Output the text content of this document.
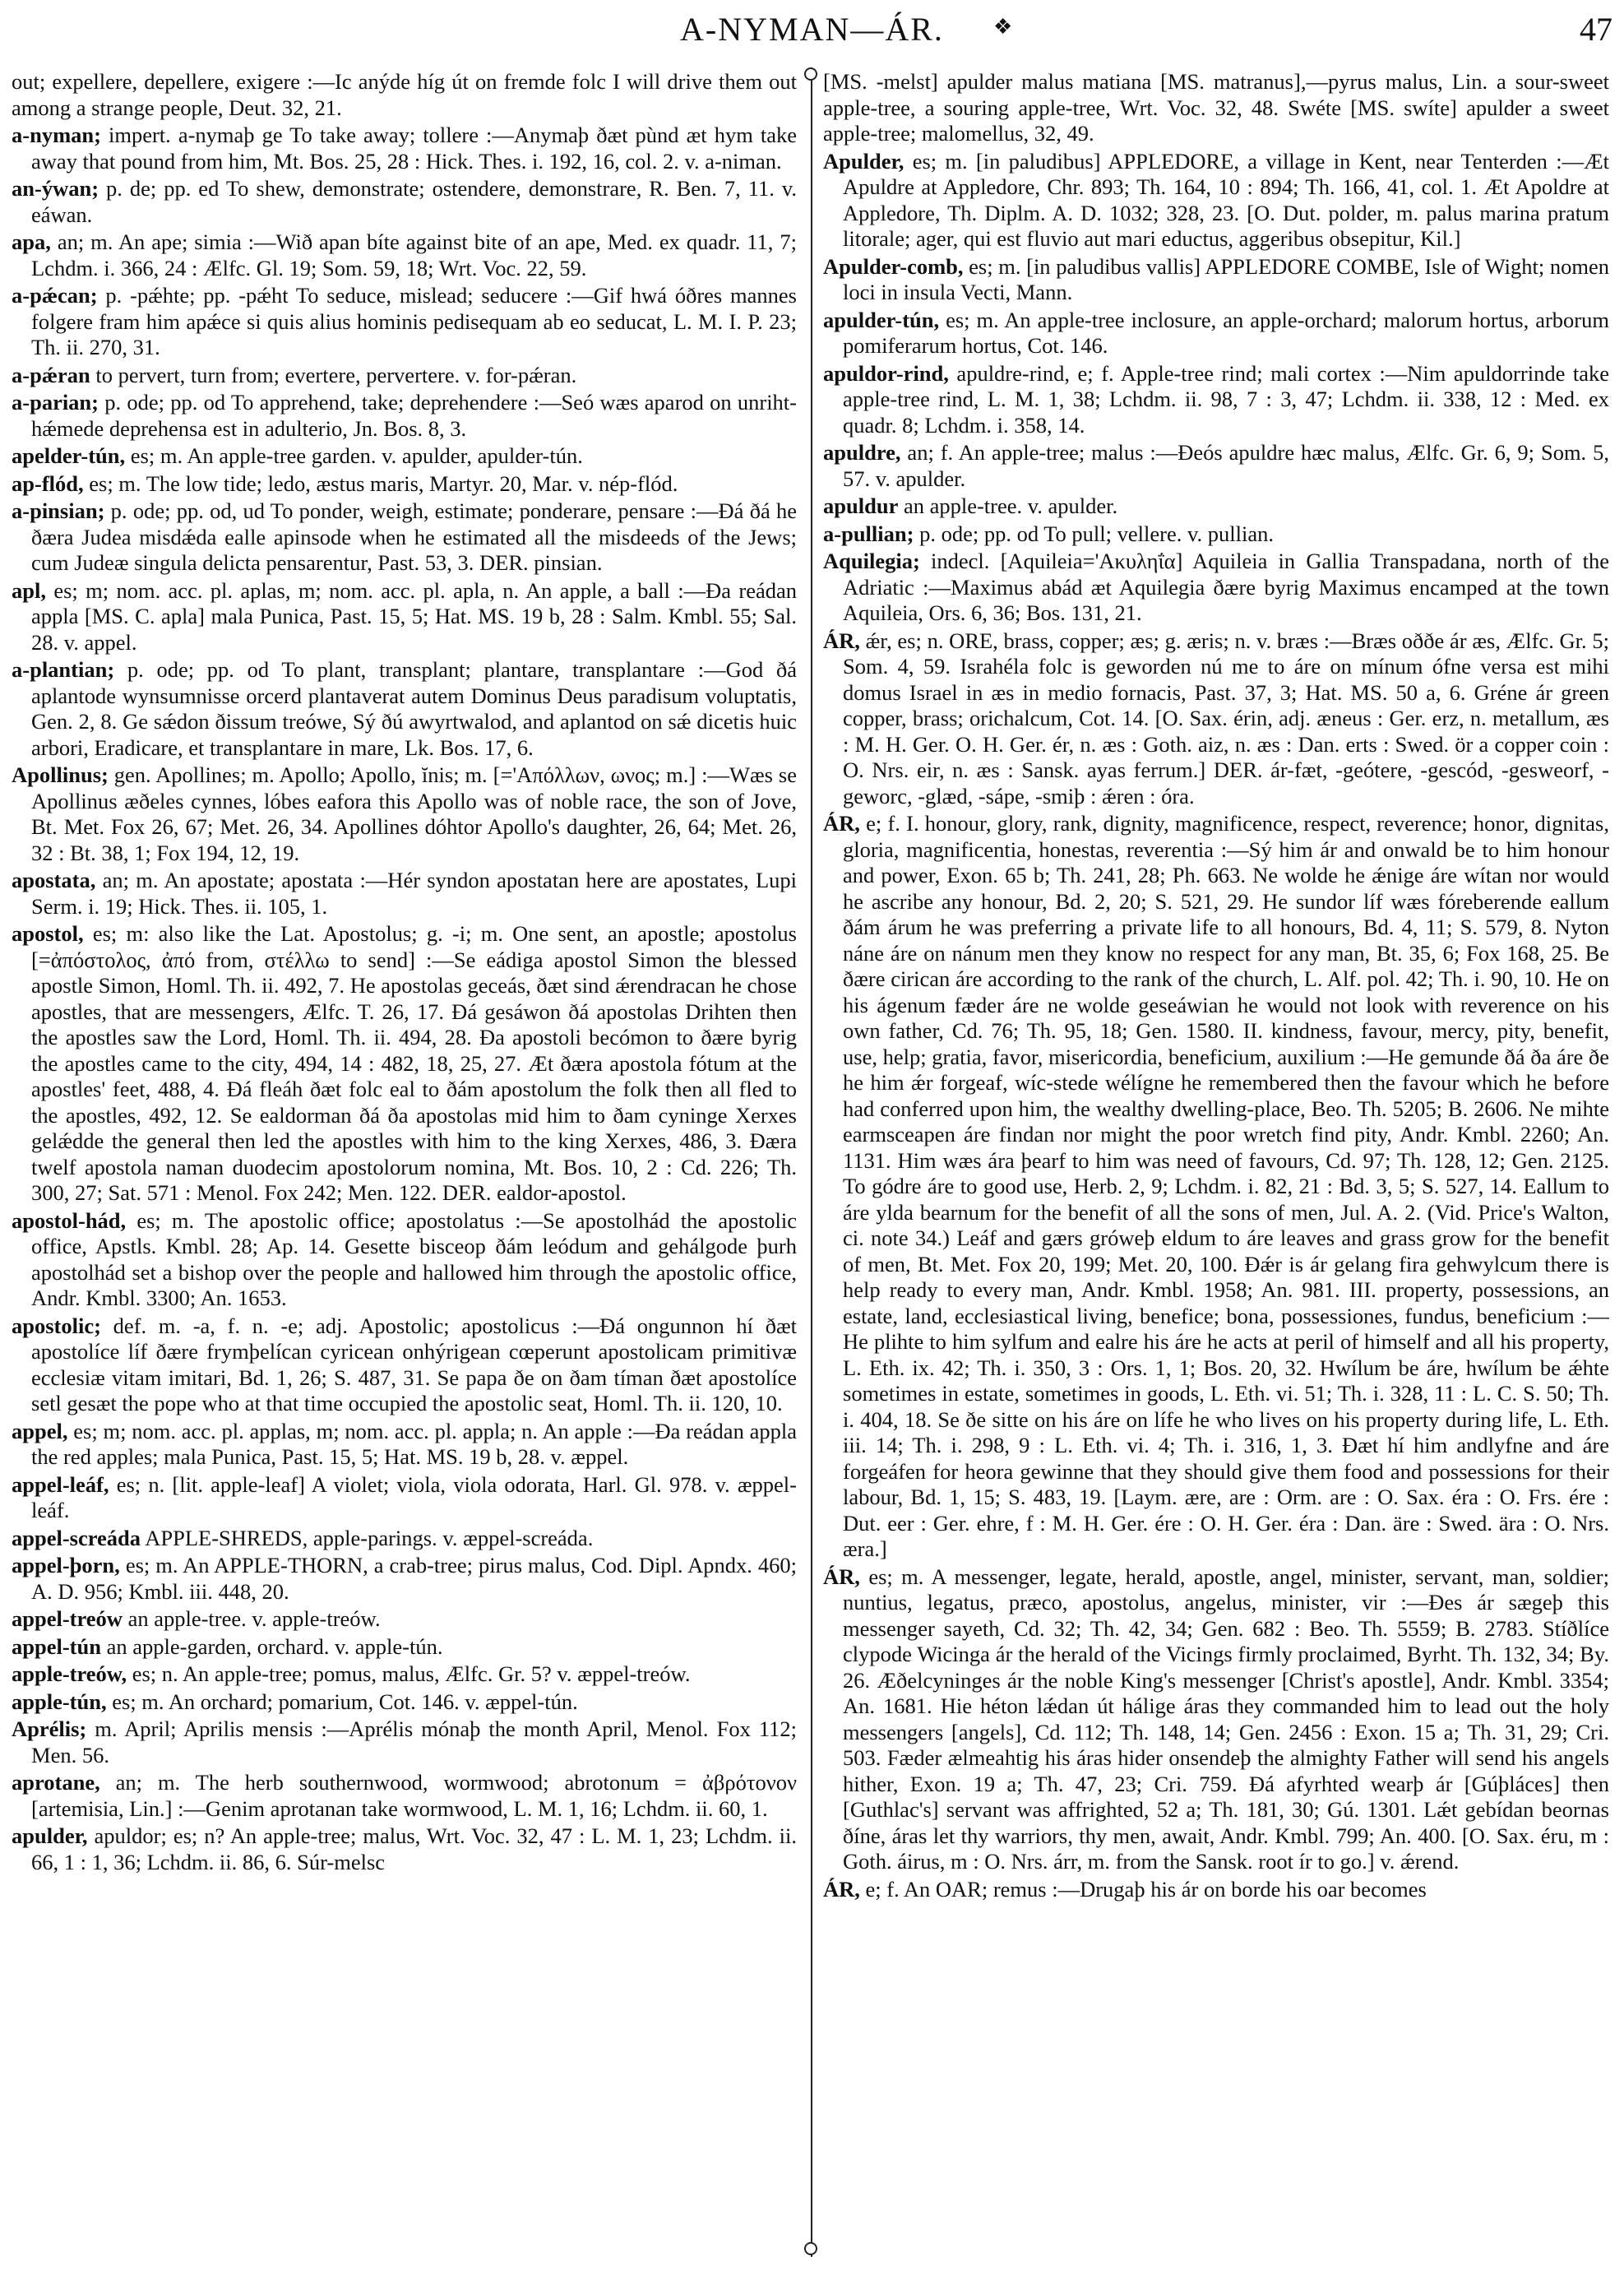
A-NYMAN—ÁR.	❖	47

out; expellere, depellere, exigere :—Ic anýde híg út on fremde folc I will drive them out among a strange people, Deut. 32, 21.

a-nyman; impert. a-nymaþ ge To take away; tollere :—Anymaþ ðæt pùnd æt hym take away that pound from him, Mt. Bos. 25, 28 : Hick. Thes. i. 192, 16, col. 2. v. a-niman.

an-ýwan; p. de; pp. ed To shew, demonstrate; ostendere, demonstrare, R. Ben. 7, 11. v. eáwan.

apa, an; m. An ape; simia :—Wið apan bíte against bite of an ape, Med. ex quadr. 11, 7; Lchdm. i. 366, 24 : Ælfc. Gl. 19; Som. 59, 18; Wrt. Voc. 22, 59.

a-pǽcan; p. -pǽhte; pp. -pǽht To seduce, mislead; seducere :—Gif hwá óðres mannes folgere fram him apǽce si quis alius hominis pedisequam ab eo seducat, L. M. I. P. 23; Th. ii. 270, 31.

a-pǽran to pervert, turn from; evertere, pervertere. v. for-pǽran.

a-parian; p. ode; pp. od To apprehend, take; deprehendere :—Seó wæs aparod on unriht-hǽmede deprehensa est in adulterio, Jn. Bos. 8, 3.

apelder-tún, es; m. An apple-tree garden. v. apulder, apulder-tún.

ap-flód, es; m. The low tide; ledo, æstus maris, Martyr. 20, Mar. v. nép-flód.

a-pinsian; p. ode; pp. od, ud To ponder, weigh, estimate; ponderare, pensare :—Ðá ðá he ðæra Judea misdǽda ealle apinsode when he estimated all the misdeeds of the Jews; cum Judeæ singula delicta pensarentur, Past. 53, 3. DER. pinsian.

apl, es; m; nom. acc. pl. aplas, m; nom. acc. pl. apla, n. An apple, a ball :—Ða reádan appla [MS. C. apla] mala Punica, Past. 15, 5; Hat. MS. 19 b, 28 : Salm. Kmbl. 55; Sal. 28. v. appel.

a-plantian; p. ode; pp. od To plant, transplant; plantare, transplantare :—God ðá aplantode wynsumnisse orcerd plantaverat autem Dominus Deus paradisum voluptatis, Gen. 2, 8. Ge sǽdon ðissum treówe, Sý ðú awyrtwalod, and aplantod on sǽ dicetis huic arbori, Eradicare, et transplantare in mare, Lk. Bos. 17, 6.

Apollinus; gen. Apollines; m. Apollo; Apollo, ĭnis; m. [='Απόλλων, ωνος; m.] :—Wæs se Apollinus æðeles cynnes, lóbes eafora this Apollo was of noble race, the son of Jove, Bt. Met. Fox 26, 67; Met. 26, 34. Apollines dóhtor Apollo's daughter, 26, 64; Met. 26, 32 : Bt. 38, 1; Fox 194, 12, 19.

apostata, an; m. An apostate; apostata :—Hér syndon apostatan here are apostates, Lupi Serm. i. 19; Hick. Thes. ii. 105, 1.

apostol, es; m: also like the Lat. Apostolus; g. -i; m. One sent, an apostle; apostolus [=ἀπόστολος, ἀπό from, στέλλω to send] :—Se eádiga apostol Simon the blessed apostle Simon, Homl. Th. ii. 492, 7. He apostolas geceás, ðæt sind ǽrendracan he chose apostles, that are messengers, Ælfc. T. 26, 17. Ðá gesáwon ðá apostolas Drihten then the apostles saw the Lord, Homl. Th. ii. 494, 28. Ða apostoli becómon to ðære byrig the apostles came to the city, 494, 14 : 482, 18, 25, 27. Æt ðæra apostola fótum at the apostles' feet, 488, 4. Ðá fleáh ðæt folc eal to ðám apostolum the folk then all fled to the apostles, 492, 12. Se ealdorman ðá ða apostolas mid him to ðam cyninge Xerxes gelǽdde the general then led the apostles with him to the king Xerxes, 486, 3. Ðæra twelf apostola naman duodecim apostolorum nomina, Mt. Bos. 10, 2 : Cd. 226; Th. 300, 27; Sat. 571 : Menol. Fox 242; Men. 122. DER. ealdor-apostol.

apostol-hád, es; m. The apostolic office; apostolatus :—Se apostolhád the apostolic office, Apstls. Kmbl. 28; Ap. 14. Gesette bisceop ðám leódum and gehálgode þurh apostolhád set a bishop over the people and hallowed him through the apostolic office, Andr. Kmbl. 3300; An. 1653.

apostolic; def. m. -a, f. n. -e; adj. Apostolic; apostolicus :—Ðá ongunnon hí ðæt apostolíce líf ðære frymþelícan cyricean onhýrigean cœperunt apostolicam primitivæ ecclesiæ vitam imitari, Bd. 1, 26; S. 487, 31. Se papa ðe on ðam tíman ðæt apostolíce setl gesæt the pope who at that time occupied the apostolic seat, Homl. Th. ii. 120, 10.

appel, es; m; nom. acc. pl. applas, m; nom. acc. pl. appla; n. An apple :—Ða reádan appla the red apples; mala Punica, Past. 15, 5; Hat. MS. 19 b, 28. v. æppel.

appel-leáf, es; n. [lit. apple-leaf] A violet; viola, viola odorata, Harl. Gl. 978. v. æppel-leáf.

appel-screáda APPLE-SHREDS, apple-parings. v. æppel-screáda.

appel-þorn, es; m. An APPLE-THORN, a crab-tree; pirus malus, Cod. Dipl. Apndx. 460; A. D. 956; Kmbl. iii. 448, 20.

appel-treów an apple-tree. v. apple-treów.

appel-tún an apple-garden, orchard. v. apple-tún.

apple-treów, es; n. An apple-tree; pomus, malus, Ælfc. Gr. 5? v. æppel-treów.

apple-tún, es; m. An orchard; pomarium, Cot. 146. v. æppel-tún.

Aprélis; m. April; Aprilis mensis :—Aprélis mónaþ the month April, Menol. Fox 112; Men. 56.

aprotane, an; m. The herb southernwood, wormwood; abrotonum = ἀβρότονον [artemisia, Lin.] :—Genim aprotanan take wormwood, L. M. 1, 16; Lchdm. ii. 60, 1.

apulder, apuldor; es; n? An apple-tree; malus, Wrt. Voc. 32, 47 : L. M. 1, 23; Lchdm. ii. 66, 1 : 1, 36; Lchdm. ii. 86, 6. Súr-melsc

[MS. -melst] apulder malus matiana [MS. matranus],—pyrus malus, Lin. a sour-sweet apple-tree, a souring apple-tree, Wrt. Voc. 32, 48. Swéte [MS. swíte] apulder a sweet apple-tree; malomellus, 32, 49.

Apulder, es; m. [in paludibus] APPLEDORE, a village in Kent, near Tenterden :—Æt Apuldre at Appledore, Chr. 893; Th. 164, 10 : 894; Th. 166, 41, col. 1. Æt Apoldre at Appledore, Th. Diplm. A. D. 1032; 328, 23. [O. Dut. polder, m. palus marina pratum litorale; ager, qui est fluvio aut mari eductus, aggeribus obsepitur, Kil.]

Apulder-comb, es; m. [in paludibus vallis] APPLEDORE COMBE, Isle of Wight; nomen loci in insula Vecti, Mann.

apulder-tún, es; m. An apple-tree inclosure, an apple-orchard; malorum hortus, arborum pomiferarum hortus, Cot. 146.

apuldor-rind, apuldre-rind, e; f. Apple-tree rind; mali cortex :—Nim apuldorrinde take apple-tree rind, L. M. 1, 38; Lchdm. ii. 98, 7 : 3, 47; Lchdm. ii. 338, 12 : Med. ex quadr. 8; Lchdm. i. 358, 14.

apuldre, an; f. An apple-tree; malus :—Ðeós apuldre hæc malus, Ælfc. Gr. 6, 9; Som. 5, 57. v. apulder.

apuldur an apple-tree. v. apulder.

a-pullian; p. ode; pp. od To pull; vellere. v. pullian.

Aquilegia; indecl. [Aquileia='Ακυληΐα] Aquileia in Gallia Transpadana, north of the Adriatic :—Maximus abád æt Aquilegia ðære byrig Maximus encamped at the town Aquileia, Ors. 6, 36; Bos. 131, 21.

ÁR, ǽr, es; n. ORE, brass, copper; æs; g. æris; n. v. bræs :—Bræs oððe ár æs, Ælfc. Gr. 5; Som. 4, 59. Israhéla folc is geworden nú me to áre on mínum ófne versa est mihi domus Israel in æs in medio fornacis, Past. 37, 3; Hat. MS. 50 a, 6. Gréne ár green copper, brass; orichalcum, Cot. 14. [O. Sax. érin, adj. æneus : Ger. erz, n. metallum, æs : M. H. Ger. O. H. Ger. ér, n. æs : Goth. aiz, n. æs : Dan. erts : Swed. ör a copper coin : O. Nrs. eir, n. æs : Sansk. ayas ferrum.] DER. ár-fæt, -geótere, -gescód, -gesweorf, -geworc, -glæd, -sápe, -smiþ : ǽren : óra.

ÁR, e; f. I. honour, glory, rank, dignity, magnificence, respect, reverence; honor, dignitas, gloria, magnificentia, honestas, reverentia :—Sý him ár and onwald be to him honour and power, Exon. 65 b; Th. 241, 28; Ph. 663. Ne wolde he ǽnige áre wítan nor would he ascribe any honour, Bd. 2, 20; S. 521, 29. He sundor líf wæs fóreberende eallum ðám árum he was preferring a private life to all honours, Bd. 4, 11; S. 579, 8. Nyton náne áre on nánum men they know no respect for any man, Bt. 35, 6; Fox 168, 25. Be ðære cirican áre according to the rank of the church, L. Alf. pol. 42; Th. i. 90, 10. He on his ágenum fæder áre ne wolde geseáwian he would not look with reverence on his own father, Cd. 76; Th. 95, 18; Gen. 1580. II. kindness, favour, mercy, pity, benefit, use, help; gratia, favor, misericordia, beneficium, auxilium :—He gemunde ðá ða áre ðe he him ǽr forgeaf, wíc-stede wélígne he remembered then the favour which he before had conferred upon him, the wealthy dwelling-place, Beo. Th. 5205; B. 2606. Ne mihte earmsceapen áre findan nor might the poor wretch find pity, Andr. Kmbl. 2260; An. 1131. Him wæs ára þearf to him was need of favours, Cd. 97; Th. 128, 12; Gen. 2125. To gódre áre to good use, Herb. 2, 9; Lchdm. i. 82, 21 : Bd. 3, 5; S. 527, 14. Eallum to áre ylda bearnum for the benefit of all the sons of men, Jul. A. 2. (Vid. Price's Walton, ci. note 34.) Leáf and gærs gróweþ eldum to áre leaves and grass grow for the benefit of men, Bt. Met. Fox 20, 199; Met. 20, 100. Ðǽr is ár gelang fira gehwylcum there is help ready to every man, Andr. Kmbl. 1958; An. 981. III. property, possessions, an estate, land, ecclesiastical living, benefice; bona, possessiones, fundus, beneficium :—He plihte to him sylfum and ealre his áre he acts at peril of himself and all his property, L. Eth. ix. 42; Th. i. 350, 3 : Ors. 1, 1; Bos. 20, 32. Hwílum be áre, hwílum be ǽhte sometimes in estate, sometimes in goods, L. Eth. vi. 51; Th. i. 328, 11 : L. C. S. 50; Th. i. 404, 18. Se ðe sitte on his áre on lífe he who lives on his property during life, L. Eth. iii. 14; Th. i. 298, 9 : L. Eth. vi. 4; Th. i. 316, 1, 3. Ðæt hí him andlyfne and áre forgeáfen for heora gewinne that they should give them food and possessions for their labour, Bd. 1, 15; S. 483, 19. [Laym. ære, are : Orm. are : O. Sax. éra : O. Frs. ére : Dut. eer : Ger. ehre, f : M. H. Ger. ére : O. H. Ger. éra : Dan. äre : Swed. ära : O. Nrs. æra.]

ÁR, es; m. A messenger, legate, herald, apostle, angel, minister, servant, man, soldier; nuntius, legatus, præco, apostolus, angelus, minister, vir :—Ðes ár sægeþ this messenger sayeth, Cd. 32; Th. 42, 34; Gen. 682 : Beo. Th. 5559; B. 2783. Stíðlíce clypode Wicinga ár the herald of the Vicings firmly proclaimed, Byrht. Th. 132, 34; By. 26. Æðelcyninges ár the noble King's messenger [Christ's apostle], Andr. Kmbl. 3354; An. 1681. Hie héton lǽdan út hálige áras they commanded him to lead out the holy messengers [angels], Cd. 112; Th. 148, 14; Gen. 2456 : Exon. 15 a; Th. 31, 29; Cri. 503. Fæder ælmeahtig his áras hider onsendeþ the almighty Father will send his angels hither, Exon. 19 a; Th. 47, 23; Cri. 759. Ðá afyrhted wearþ ár [Gúþláces] then [Guthlac's] servant was affrighted, 52 a; Th. 181, 30; Gú. 1301. Lǽt gebídan beornas ðíne, áras let thy warriors, thy men, await, Andr. Kmbl. 799; An. 400. [O. Sax. éru, m : Goth. áirus, m : O. Nrs. árr, m. from the Sansk. root ír to go.] v. ǽrend.

ÁR, e; f. An OAR; remus :—Drugaþ his ár on borde his oar becomes
